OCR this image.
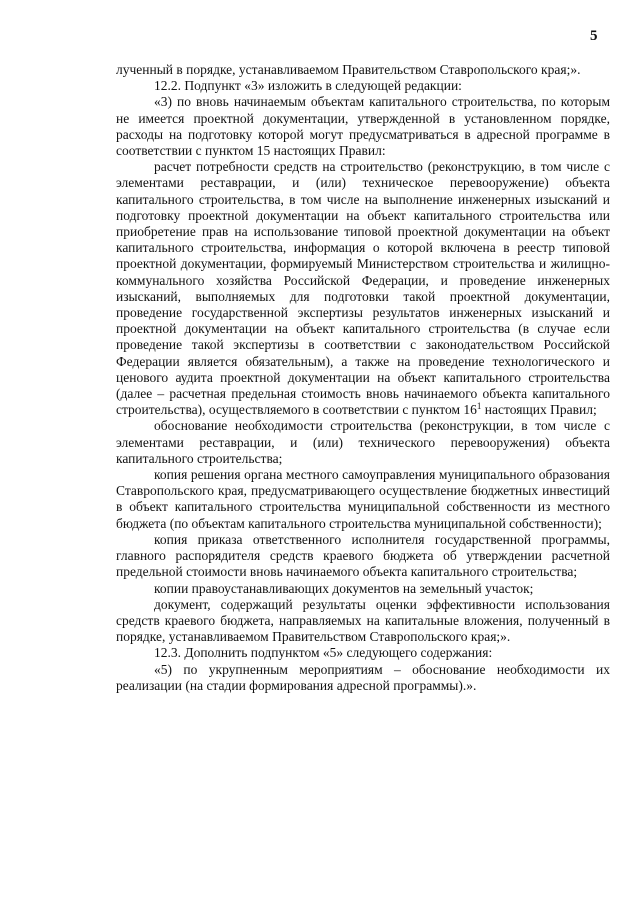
5

лученный в порядке, устанавливаемом Правительством Ставропольского края;».

12.2. Подпункт «3» изложить в следующей редакции:

«3) по вновь начинаемым объектам капитального строительства, по которым не имеется проектной документации, утвержденной в установленном порядке, расходы на подготовку которой могут предусматриваться в адресной программе в соответствии с пунктом 15 настоящих Правил:

расчет потребности средств на строительство (реконструкцию, в том числе с элементами реставрации, и (или) техническое перевооружение) объекта капитального строительства, в том числе на выполнение инженерных изысканий и подготовку проектной документации на объект капитального строительства или приобретение прав на использование типовой проектной документации на объект капитального строительства, информация о которой включена в реестр типовой проектной документации, формируемый Министерством строительства и жилищно-коммунального хозяйства Российской Федерации, и проведение инженерных изысканий, выполняемых для подготовки такой проектной документации, проведение государственной экспертизы результатов инженерных изысканий и проектной документации на объект капитального строительства (в случае если проведение такой экспертизы в соответствии с законодательством Российской Федерации является обязательным), а также на проведение технологического и ценового аудита проектной документации на объект капитального строительства (далее – расчетная предельная стоимость вновь начинаемого объекта капитального строительства), осуществляемого в соответствии с пунктом $16^1$ настоящих Правил;

обоснование необходимости строительства (реконструкции, в том числе с элементами реставрации, и (или) технического перевооружения) объекта капитального строительства;

копия решения органа местного самоуправления муниципального образования Ставропольского края, предусматривающего осуществление бюджетных инвестиций в объект капитального строительства муниципальной собственности из местного бюджета (по объектам капитального строительства муниципальной собственности);

копия приказа ответственного исполнителя государственной программы, главного распорядителя средств краевого бюджета об утверждении расчетной предельной стоимости вновь начинаемого объекта капитального строительства;

копии правоустанавливающих документов на земельный участок;

документ, содержащий результаты оценки эффективности использования средств краевого бюджета, направляемых на капитальные вложения, полученный в порядке, устанавливаемом Правительством Ставропольского края;».

12.3. Дополнить подпунктом «5» следующего содержания:

«5) по укрупненным мероприятиям – обоснование необходимости их реализации (на стадии формирования адресной программы).».
